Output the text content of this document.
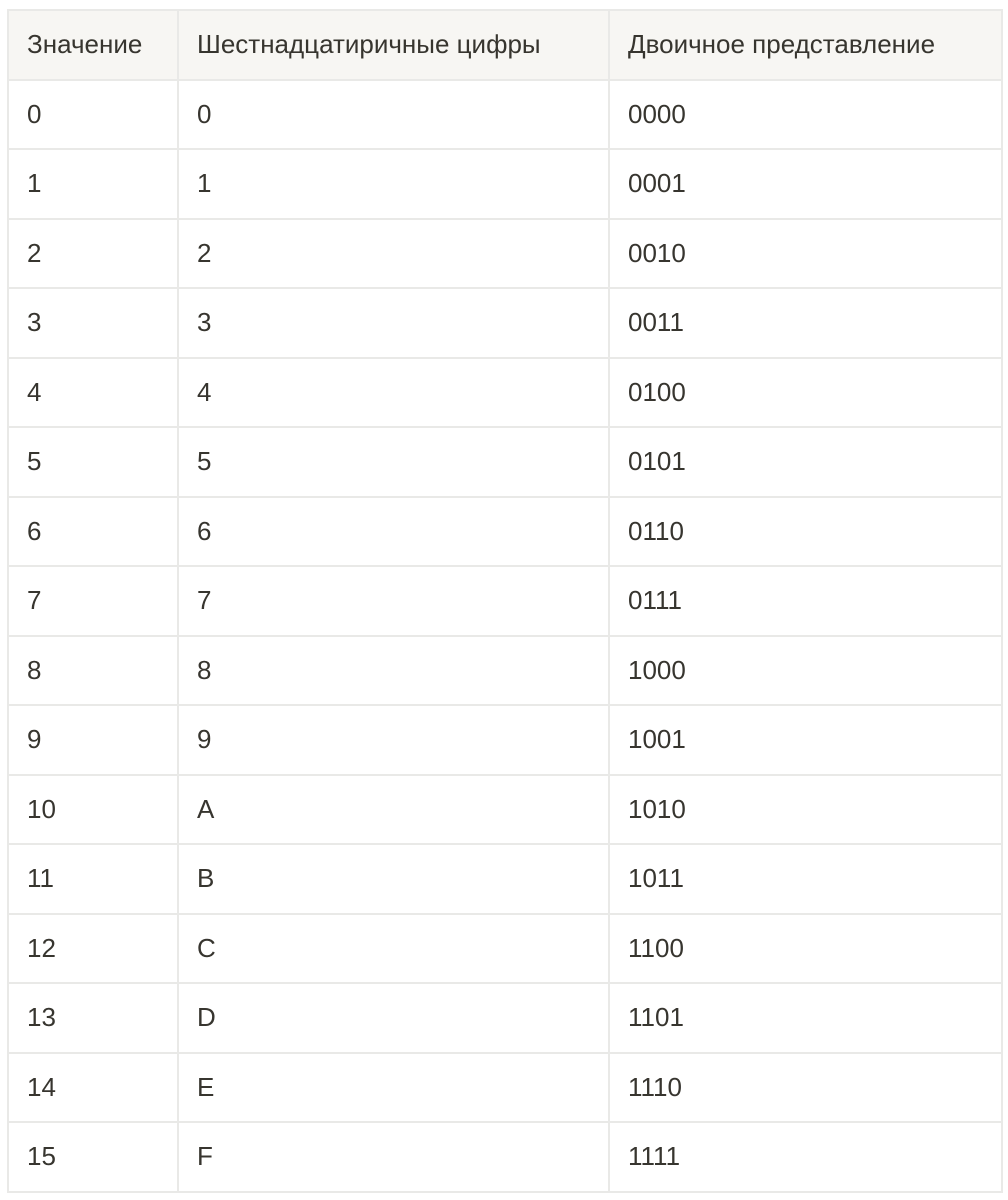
Значение	Шестнадцатиричные цифры	Двоичное представление
0	0	0000
1	1	0001
2	2	0010
3	3	0011
4	4	0100
5	5	0101
6	6	0110
7	7	0111
8	8	1000
9	9	1001
10	A	1010
11	B	1011
12	C	1100
13	D	1101
14	E	1110
15	F	1111
